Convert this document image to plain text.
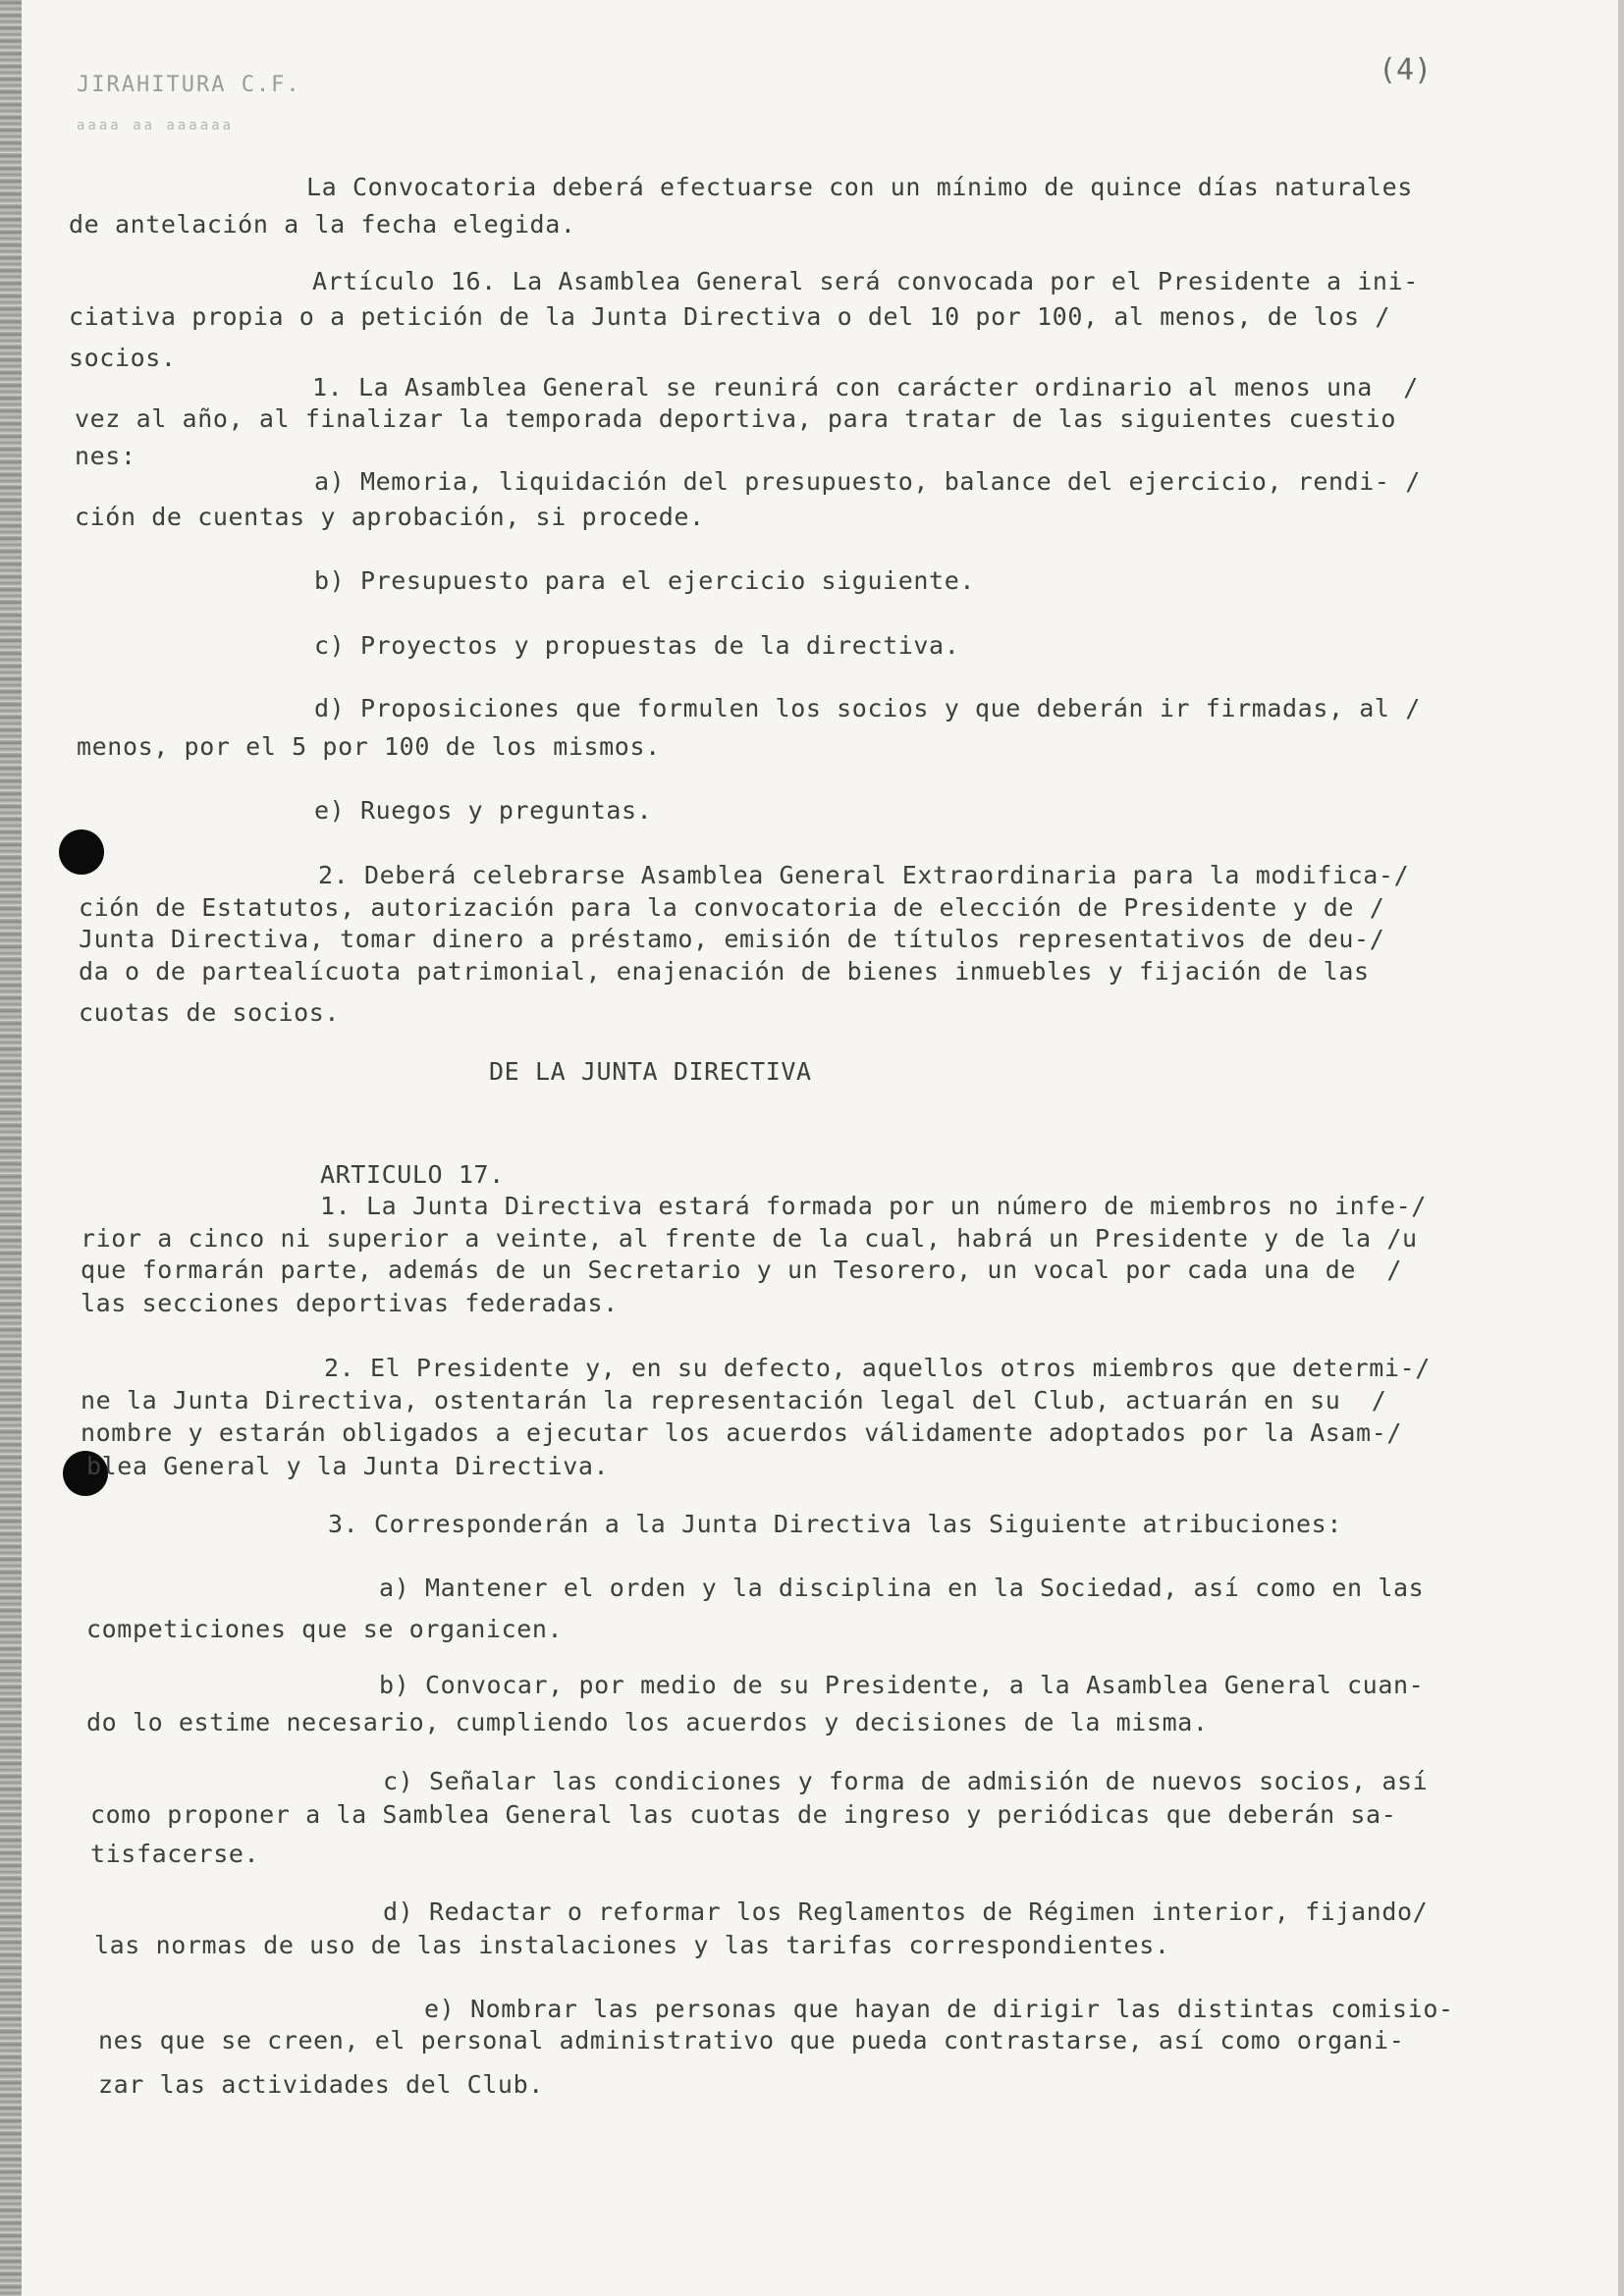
JIRAHITURA C.F.
aaaa aa aaaaaa
(4)
La Convocatoria deberá efectuarse con un mínimo de quince días naturales
de antelación a la fecha elegida.
Artículo 16. La Asamblea General será convocada por el Presidente a ini-
ciativa propia o a petición de la Junta Directiva o del 10 por 100, al menos, de los /
socios.
1. La Asamblea General se reunirá con carácter ordinario al menos una  /
vez al año, al finalizar la temporada deportiva, para tratar de las siguientes cuestio
nes:
a) Memoria, liquidación del presupuesto, balance del ejercicio, rendi- /
ción de cuentas y aprobación, si procede.
b) Presupuesto para el ejercicio siguiente.
c) Proyectos y propuestas de la directiva.
d) Proposiciones que formulen los socios y que deberán ir firmadas, al /
menos, por el 5 por 100 de los mismos.
e) Ruegos y preguntas.
2. Deberá celebrarse Asamblea General Extraordinaria para la modifica-/
ción de Estatutos, autorización para la convocatoria de elección de Presidente y de /
Junta Directiva, tomar dinero a préstamo, emisión de títulos representativos de deu-/
da o de partealícuota patrimonial, enajenación de bienes inmuebles y fijación de las
cuotas de socios.
DE LA JUNTA DIRECTIVA
ARTICULO 17.
1. La Junta Directiva estará formada por un número de miembros no infe-/
rior a cinco ni superior a veinte, al frente de la cual, habrá un Presidente y de la /u
que formarán parte, además de un Secretario y un Tesorero, un vocal por cada una de  /
las secciones deportivas federadas.
2. El Presidente y, en su defecto, aquellos otros miembros que determi-/
ne la Junta Directiva, ostentarán la representación legal del Club, actuarán en su  /
nombre y estarán obligados a ejecutar los acuerdos válidamente adoptados por la Asam-/
blea General y la Junta Directiva.
3. Corresponderán a la Junta Directiva las Siguiente atribuciones:
a) Mantener el orden y la disciplina en la Sociedad, así como en las
competiciones que se organicen.
b) Convocar, por medio de su Presidente, a la Asamblea General cuan-
do lo estime necesario, cumpliendo los acuerdos y decisiones de la misma.
c) Señalar las condiciones y forma de admisión de nuevos socios, así
como proponer a la Samblea General las cuotas de ingreso y periódicas que deberán sa-
tisfacerse.
d) Redactar o reformar los Reglamentos de Régimen interior, fijando/
las normas de uso de las instalaciones y las tarifas correspondientes.
e) Nombrar las personas que hayan de dirigir las distintas comisio-
nes que se creen, el personal administrativo que pueda contrastarse, así como organi-
zar las actividades del Club.
